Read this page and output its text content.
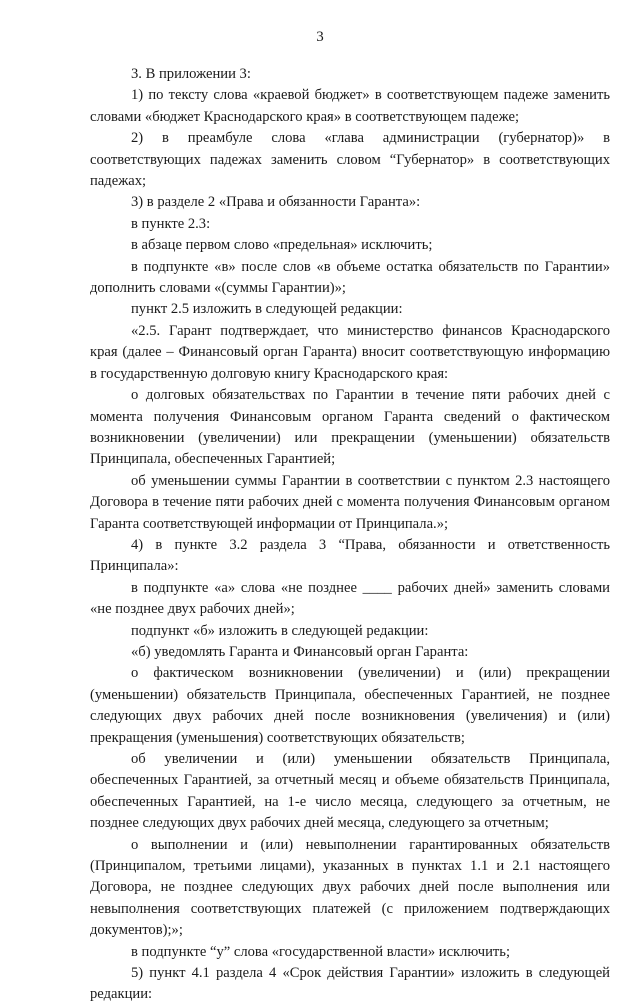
3

3. В приложении 3:

1) по тексту слова «краевой бюджет» в соответствующем падеже заменить словами «бюджет Краснодарского края» в соответствующем падеже;

2) в преамбуле слова «глава администрации (губернатор)» в соответствующих падежах заменить словом “Губернатор» в соответствующих падежах;

3) в разделе 2 «Права и обязанности Гаранта»:

в пункте 2.3:

в абзаце первом слово «предельная» исключить;

в подпункте «в» после слов «в объеме остатка обязательств по Гарантии» дополнить словами «(суммы Гарантии)»;

пункт 2.5 изложить в следующей редакции:

«2.5. Гарант подтверждает, что министерство финансов Краснодарского края (далее – Финансовый орган Гаранта) вносит соответствующую информацию в государственную долговую книгу Краснодарского края:

о долговых обязательствах по Гарантии в течение пяти рабочих дней с момента получения Финансовым органом Гаранта сведений о фактическом возникновении (увеличении) или прекращении (уменьшении) обязательств Принципала, обеспеченных Гарантией;

об уменьшении суммы Гарантии в соответствии с пунктом 2.3 настоящего Договора в течение пяти рабочих дней с момента получения Финансовым органом Гаранта соответствующей информации от Принципала.»;

4) в пункте 3.2 раздела 3 “Права, обязанности и ответственность Принципала»:

в подпункте «а» слова «не позднее ____ рабочих дней» заменить словами «не позднее двух рабочих дней»;

подпункт «б» изложить в следующей редакции:

«б) уведомлять Гаранта и Финансовый орган Гаранта:

о фактическом возникновении (увеличении) и (или) прекращении (уменьшении) обязательств Принципала, обеспеченных Гарантией, не позднее следующих двух рабочих дней после возникновения (увеличения) и (или) прекращения (уменьшения) соответствующих обязательств;

об увеличении и (или) уменьшении обязательств Принципала, обеспеченных Гарантией, за отчетный месяц и объеме обязательств Принципала, обеспеченных Гарантией, на 1-е число месяца, следующего за отчетным, не позднее следующих двух рабочих дней месяца, следующего за отчетным;

о выполнении и (или) невыполнении гарантированных обязательств (Принципалом, третьими лицами), указанных в пунктах 1.1 и 2.1 настоящего Договора, не позднее следующих двух рабочих дней после выполнения или невыполнения соответствующих платежей (с приложением подтверждающих документов);»;

в подпункте “у” слова «государственной власти» исключить;

5) пункт 4.1 раздела 4 «Срок действия Гарантии» изложить в следующей редакции:
